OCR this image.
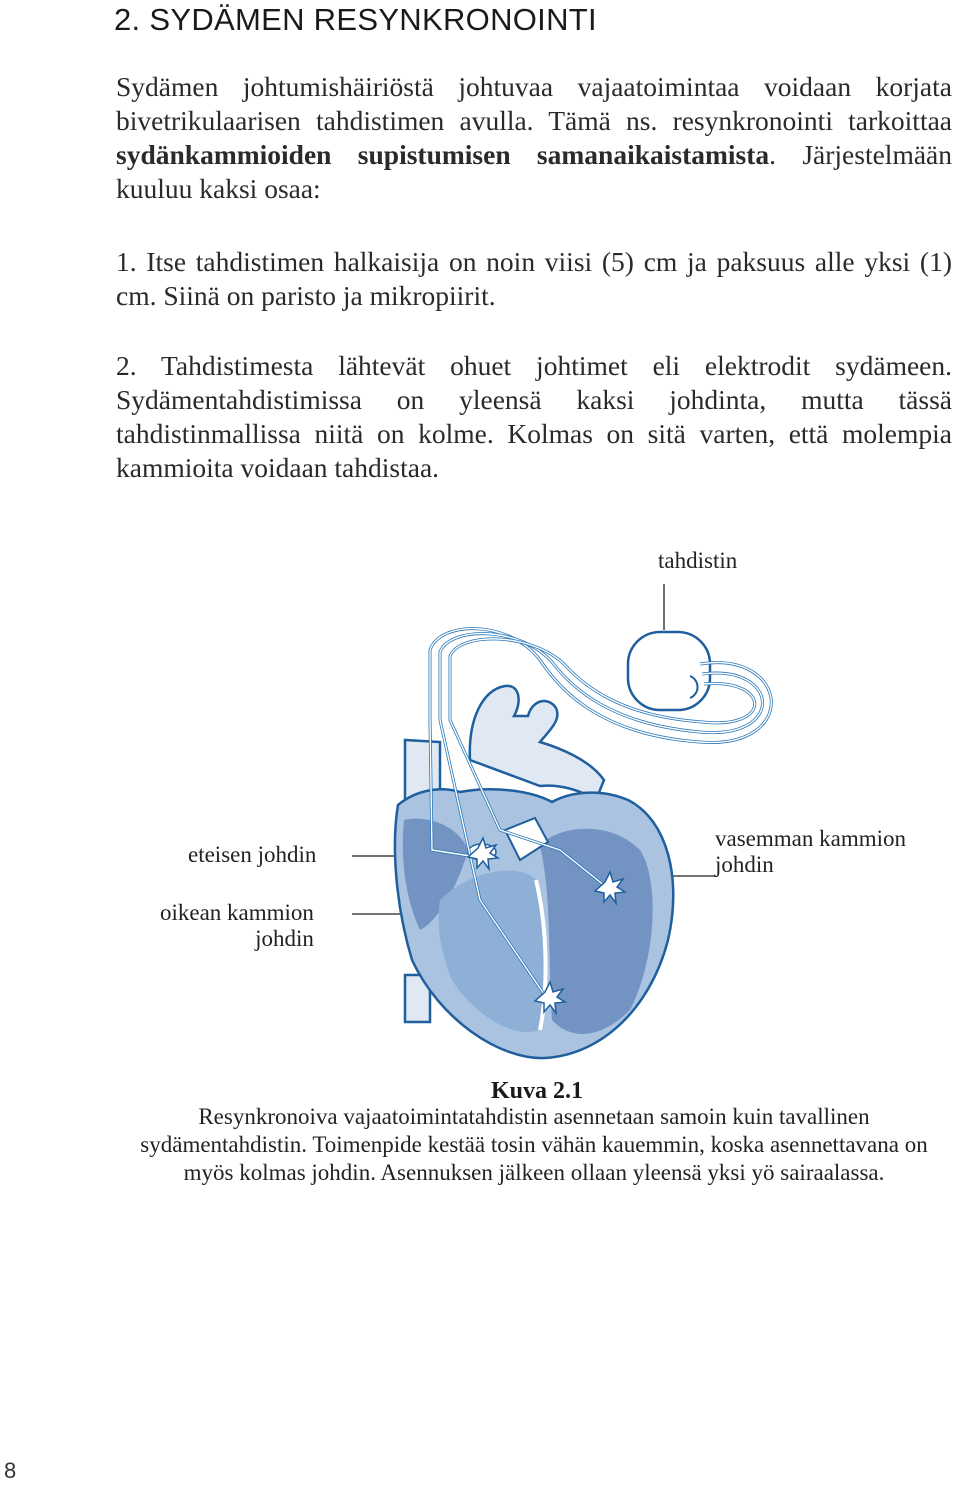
2. SYDÄMEN RESYNKRONOINTI

Sydämen johtumishäiriöstä johtuvaa vajaatoimintaa voidaan korjata bivetrikulaarisen tahdistimen avulla. Tämä ns. resynkronointi tarkoittaa sydänkammioiden supistumisen samanaikaistamista. Järjestelmään kuuluu kaksi osaa:

1. Itse tahdistimen halkaisija on noin viisi (5) cm ja paksuus alle yksi (1) cm. Siinä on paristo ja mikropiirit.

2. Tahdistimesta lähtevät ohuet johtimet eli elektrodit sydämeen. Sydämentahdistimissa on yleensä kaksi johdinta, mutta tässä tahdistinmallissa niitä on kolme. Kolmas on sitä varten, että molempia kammioita voidaan tahdistaa.

tahdistin

eteisen johdin

oikean kammion
johdin

vasemman kammion
johdin

Kuva 2.1

Resynkronoiva vajaatoimintatahdistin asennetaan samoin kuin tavallinen sydämentahdistin. Toimenpide kestää tosin vähän kauemmin, koska asennettavana on myös kolmas johdin. Asennuksen jälkeen ollaan yleensä yksi yö sairaalassa.

8
